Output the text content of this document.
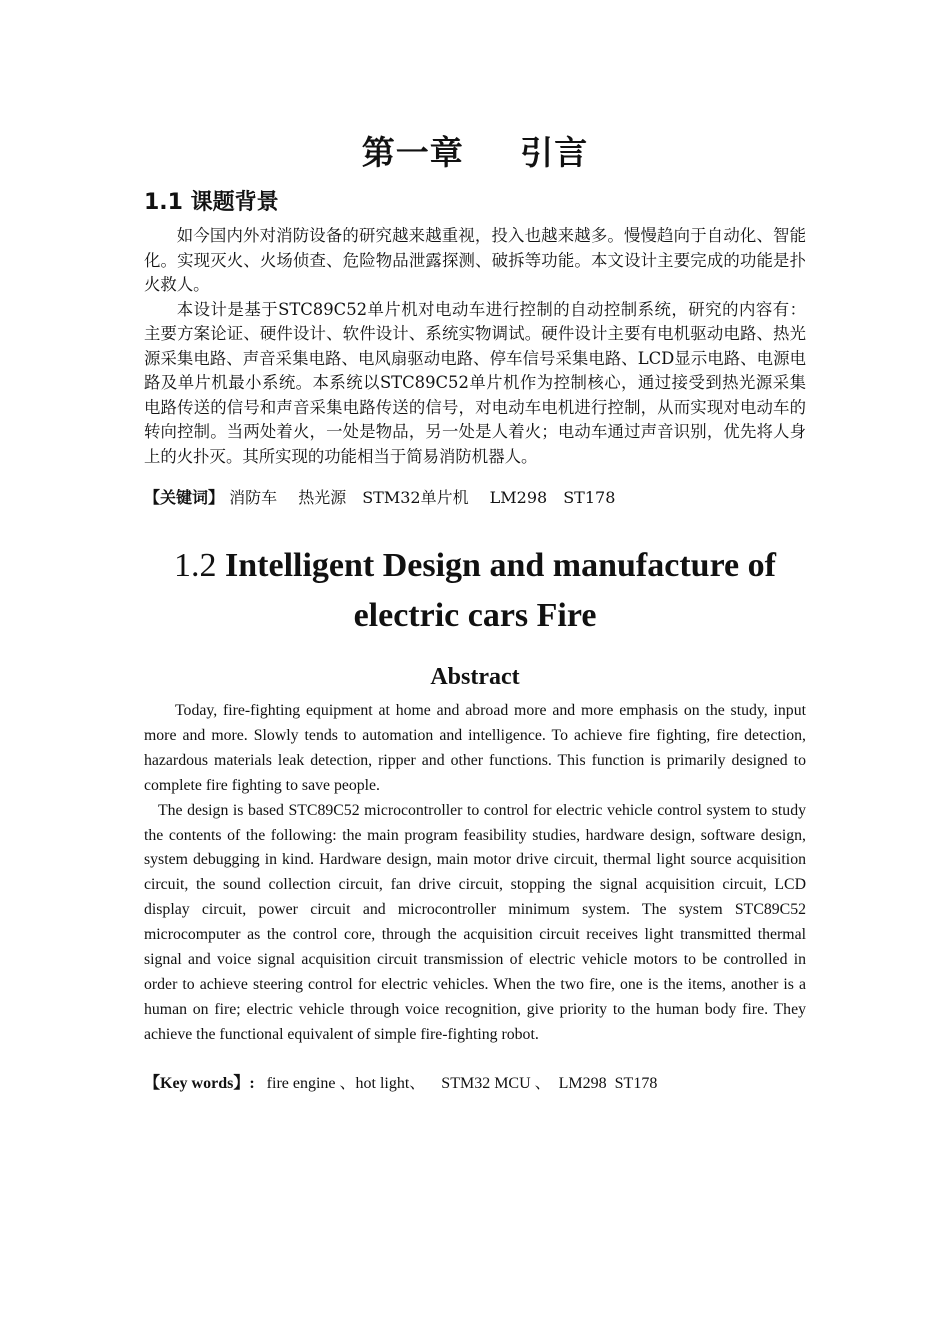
第一章　 引言
1.1 课题背景

如今国内外对消防设备的研究越来越重视，投入也越来越多。慢慢趋向于自动化、智能化。实现灭火、火场侦查、危险物品泄露探测、破拆等功能。本文设计主要完成的功能是扑火救人。

本设计是基于STC89C52单片机对电动车进行控制的自动控制系统，研究的内容有：主要方案论证、硬件设计、软件设计、系统实物调试。硬件设计主要有电机驱动电路、热光源采集电路、声音采集电路、电风扇驱动电路、停车信号采集电路、LCD显示电路、电源电路及单片机最小系统。本系统以STC89C52单片机作为控制核心，通过接受到热光源采集电路传送的信号和声音采集电路传送的信号，对电动车电机进行控制，从而实现对电动车的转向控制。当两处着火，一处是物品，另一处是人着火；电动车通过声音识别，优先将人身上的火扑灭。其所实现的功能相当于简易消防机器人。

【关键词】 消防车　 热光源　STM32单片机　 LM298　ST178

1.2 Intelligent Design and manufacture of electric cars Fire
Abstract

Today, fire-fighting equipment at home and abroad more and more emphasis on the study, input more and more. Slowly tends to automation and intelligence. To achieve fire fighting, fire detection, hazardous materials leak detection, ripper and other functions. This function is primarily designed to complete fire fighting to save people.

The design is based STC89C52 microcontroller to control for electric vehicle control system to study the contents of the following: the main program feasibility studies, hardware design, software design, system debugging in kind. Hardware design, main motor drive circuit, thermal light source acquisition circuit, the sound collection circuit, fan drive circuit, stopping the signal acquisition circuit, LCD display circuit, power circuit and microcontroller minimum system. The system STC89C52 microcomputer as the control core, through the acquisition circuit receives light transmitted thermal signal and voice signal acquisition circuit transmission of electric vehicle motors to be controlled in order to achieve steering control for electric vehicles. When the two fire, one is the items, another is a human on fire; electric vehicle through voice recognition, give priority to the human body fire. They achieve the functional equivalent of simple fire-fighting robot.

【Key words】:   fire engine 、hot light、    STM32 MCU 、  LM298  ST178
